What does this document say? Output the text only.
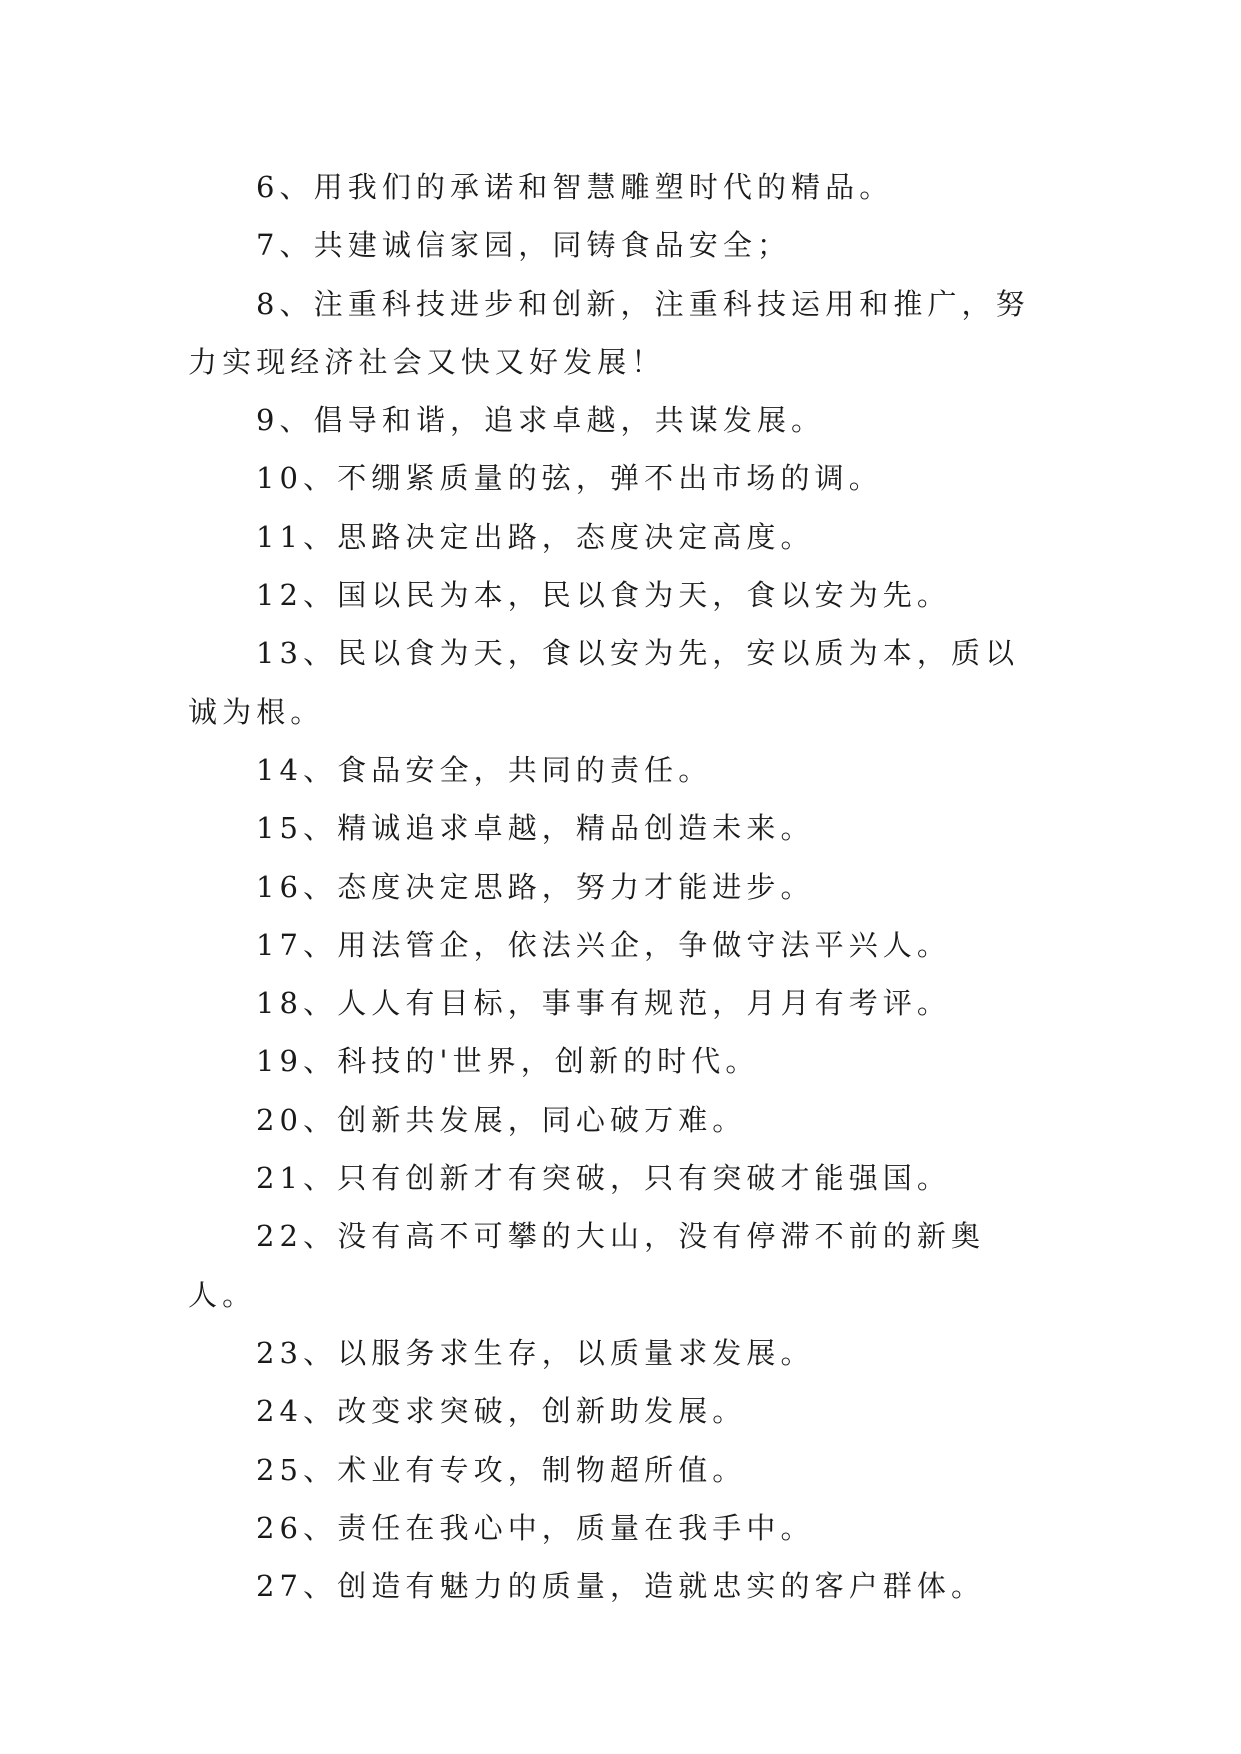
6、用我们的承诺和智慧雕塑时代的精品。

7、共建诚信家园，同铸食品安全；

8、注重科技进步和创新，注重科技运用和推广，努力实现经济社会又快又好发展！

9、倡导和谐，追求卓越，共谋发展。

10、不绷紧质量的弦，弹不出市场的调。

11、思路决定出路，态度决定高度。

12、国以民为本，民以食为天，食以安为先。

13、民以食为天，食以安为先，安以质为本，质以诚为根。

14、食品安全，共同的责任。

15、精诚追求卓越，精品创造未来。

16、态度决定思路，努力才能进步。

17、用法管企，依法兴企，争做守法平兴人。

18、人人有目标，事事有规范，月月有考评。

19、科技的'世界，创新的时代。

20、创新共发展，同心破万难。

21、只有创新才有突破，只有突破才能强国。

22、没有高不可攀的大山，没有停滞不前的新奥人。

23、以服务求生存，以质量求发展。

24、改变求突破，创新助发展。

25、术业有专攻，制物超所值。

26、责任在我心中，质量在我手中。

27、创造有魅力的质量，造就忠实的客户群体。
